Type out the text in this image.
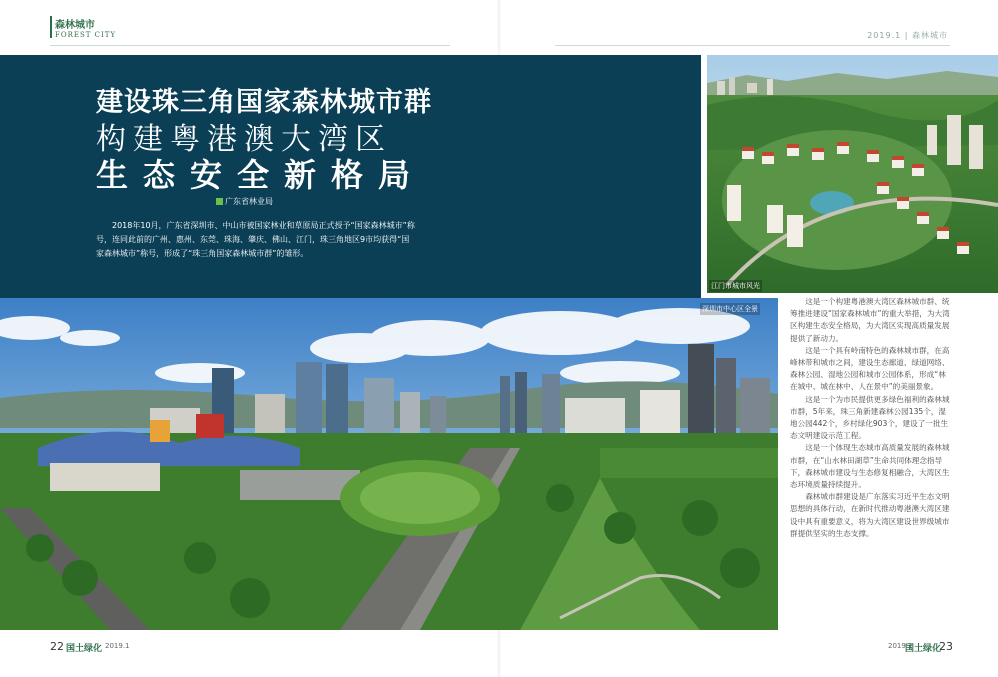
森林城市
FOREST CITY	2019.1 | 森林城市
建设珠三角国家森林城市群
构建粤港澳大湾区
生态安全新格局
广东省林业局
2018年10月，广东省深圳市、中山市被国家林业和草原局正式授予“国家森林城市”称号，连同此前的广州、惠州、东莞、珠海、肇庆、佛山、江门，珠三角地区9市均获得“国家森林城市”称号，形成了“珠三角国家森林城市群”的雏形。
江门市城市风光
深圳市中心区全景

这是一个构建粤港澳大湾区森林城市群、统筹推进建设“国家森林城市”的重大举措，为大湾区构建生态安全格局，为大湾区实现高质量发展提供了新动力。

这是一个具有岭南特色的森林城市群，在高峰林带和城市之间，建设生态廊道、绿道网络、森林公园、湿地公园和城市公园体系，形成“林在城中、城在林中、人在景中”的美丽景象。

这是一个为市民提供更多绿色福利的森林城市群，5年来，珠三角新建森林公园135个，湿地公园442个，乡村绿化903个，建设了一批生态文明建设示范工程。

这是一个体现生态城市高质量发展的森林城市群，在“山水林田湖草”生命共同体理念指导下，森林城市建设与生态修复相融合，大湾区生态环境质量持续提升。

森林城市群建设是广东落实习近平生态文明思想的具体行动，在新时代推动粤港澳大湾区建设中具有重要意义，将为大湾区建设世界级城市群提供坚实的生态支撑。

22 国土绿化 2019.1	2019.1
国土绿化
23
